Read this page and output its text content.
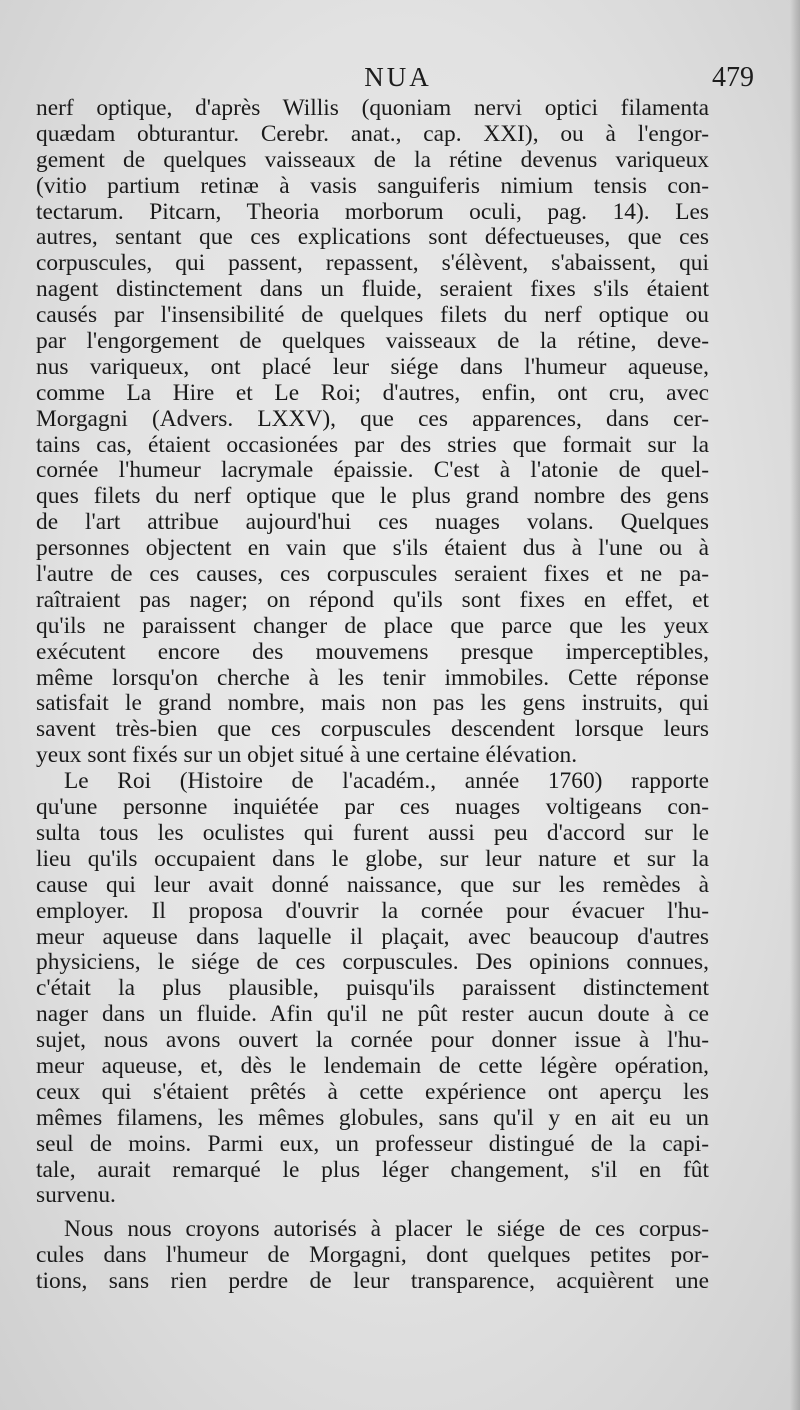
NUA	479
nerf optique, d'après Willis (quoniam nervi optici filamenta
quædam obturantur. Cerebr. anat., cap. XXI), ou à l'engor-
gement de quelques vaisseaux de la rétine devenus variqueux
(vitio partium retinæ à vasis sanguiferis nimium tensis con-
tectarum. Pitcarn, Theoria morborum oculi, pag. 14). Les
autres, sentant que ces explications sont défectueuses, que ces
corpuscules, qui passent, repassent, s'élèvent, s'abaissent, qui
nagent distinctement dans un fluide, seraient fixes s'ils étaient
causés par l'insensibilité de quelques filets du nerf optique ou
par l'engorgement de quelques vaisseaux de la rétine, deve-
nus variqueux, ont placé leur siége dans l'humeur aqueuse,
comme La Hire et Le Roi; d'autres, enfin, ont cru, avec
Morgagni (Advers. LXXV), que ces apparences, dans cer-
tains cas, étaient occasionées par des stries que formait sur la
cornée l'humeur lacrymale épaissie. C'est à l'atonie de quel-
ques filets du nerf optique que le plus grand nombre des gens
de l'art attribue aujourd'hui ces nuages volans. Quelques
personnes objectent en vain que s'ils étaient dus à l'une ou à
l'autre de ces causes, ces corpuscules seraient fixes et ne pa-
raîtraient pas nager; on répond qu'ils sont fixes en effet, et
qu'ils ne paraissent changer de place que parce que les yeux
exécutent encore des mouvemens presque imperceptibles,
même lorsqu'on cherche à les tenir immobiles. Cette réponse
satisfait le grand nombre, mais non pas les gens instruits, qui
savent très-bien que ces corpuscules descendent lorsque leurs
yeux sont fixés sur un objet situé à une certaine élévation.
Le Roi (Histoire de l'académ., année 1760) rapporte
qu'une personne inquiétée par ces nuages voltigeans con-
sulta tous les oculistes qui furent aussi peu d'accord sur le
lieu qu'ils occupaient dans le globe, sur leur nature et sur la
cause qui leur avait donné naissance, que sur les remèdes à
employer. Il proposa d'ouvrir la cornée pour évacuer l'hu-
meur aqueuse dans laquelle il plaçait, avec beaucoup d'autres
physiciens, le siége de ces corpuscules. Des opinions connues,
c'était la plus plausible, puisqu'ils paraissent distinctement
nager dans un fluide. Afin qu'il ne pût rester aucun doute à ce
sujet, nous avons ouvert la cornée pour donner issue à l'hu-
meur aqueuse, et, dès le lendemain de cette légère opération,
ceux qui s'étaient prêtés à cette expérience ont aperçu les
mêmes filamens, les mêmes globules, sans qu'il y en ait eu un
seul de moins. Parmi eux, un professeur distingué de la capi-
tale, aurait remarqué le plus léger changement, s'il en fût
survenu.
Nous nous croyons autorisés à placer le siége de ces corpus-
cules dans l'humeur de Morgagni, dont quelques petites por-
tions, sans rien perdre de leur transparence, acquièrent une
